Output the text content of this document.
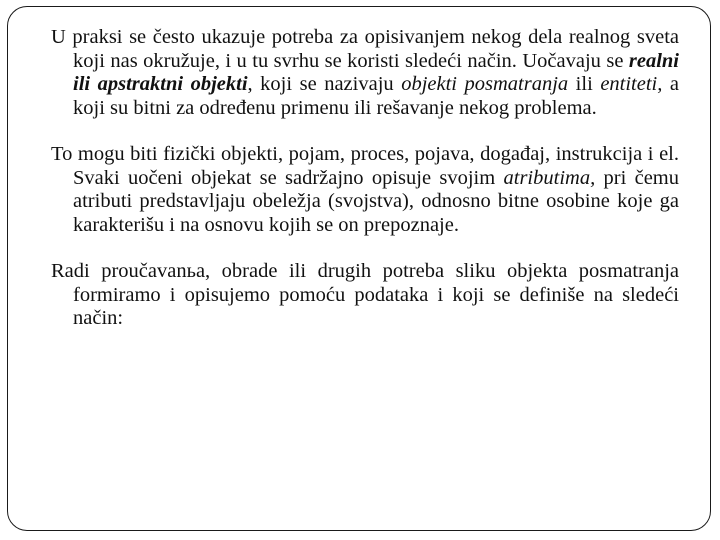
U praksi se često ukazuje potreba za opisivanjem nekog dela realnog sveta koji nas okružuje, i u tu svrhu se koristi sledeći način. Uočavaju se realni ili apstraktni objekti, koji se nazivaju objekti posmatranja ili entiteti, a koji su bitni za određenu primenu ili rešavanje nekog problema.

To mogu biti fizički objekti, pojam, proces, pojava, događaj, instrukcija i el. Svaki uočeni objekat se sadržajno opisuje svojim atributima, pri čemu atributi predstavljaju obeležja (svojstva), odnosno bitne osobine koje ga karakterišu i na osnovu kojih se on prepoznaje.

Radi proučavanьa, obrade ili drugih potreba sliku objekta posmatranja formiramo i opisujemo pomoću podataka i koji se definiše na sledeći način:
